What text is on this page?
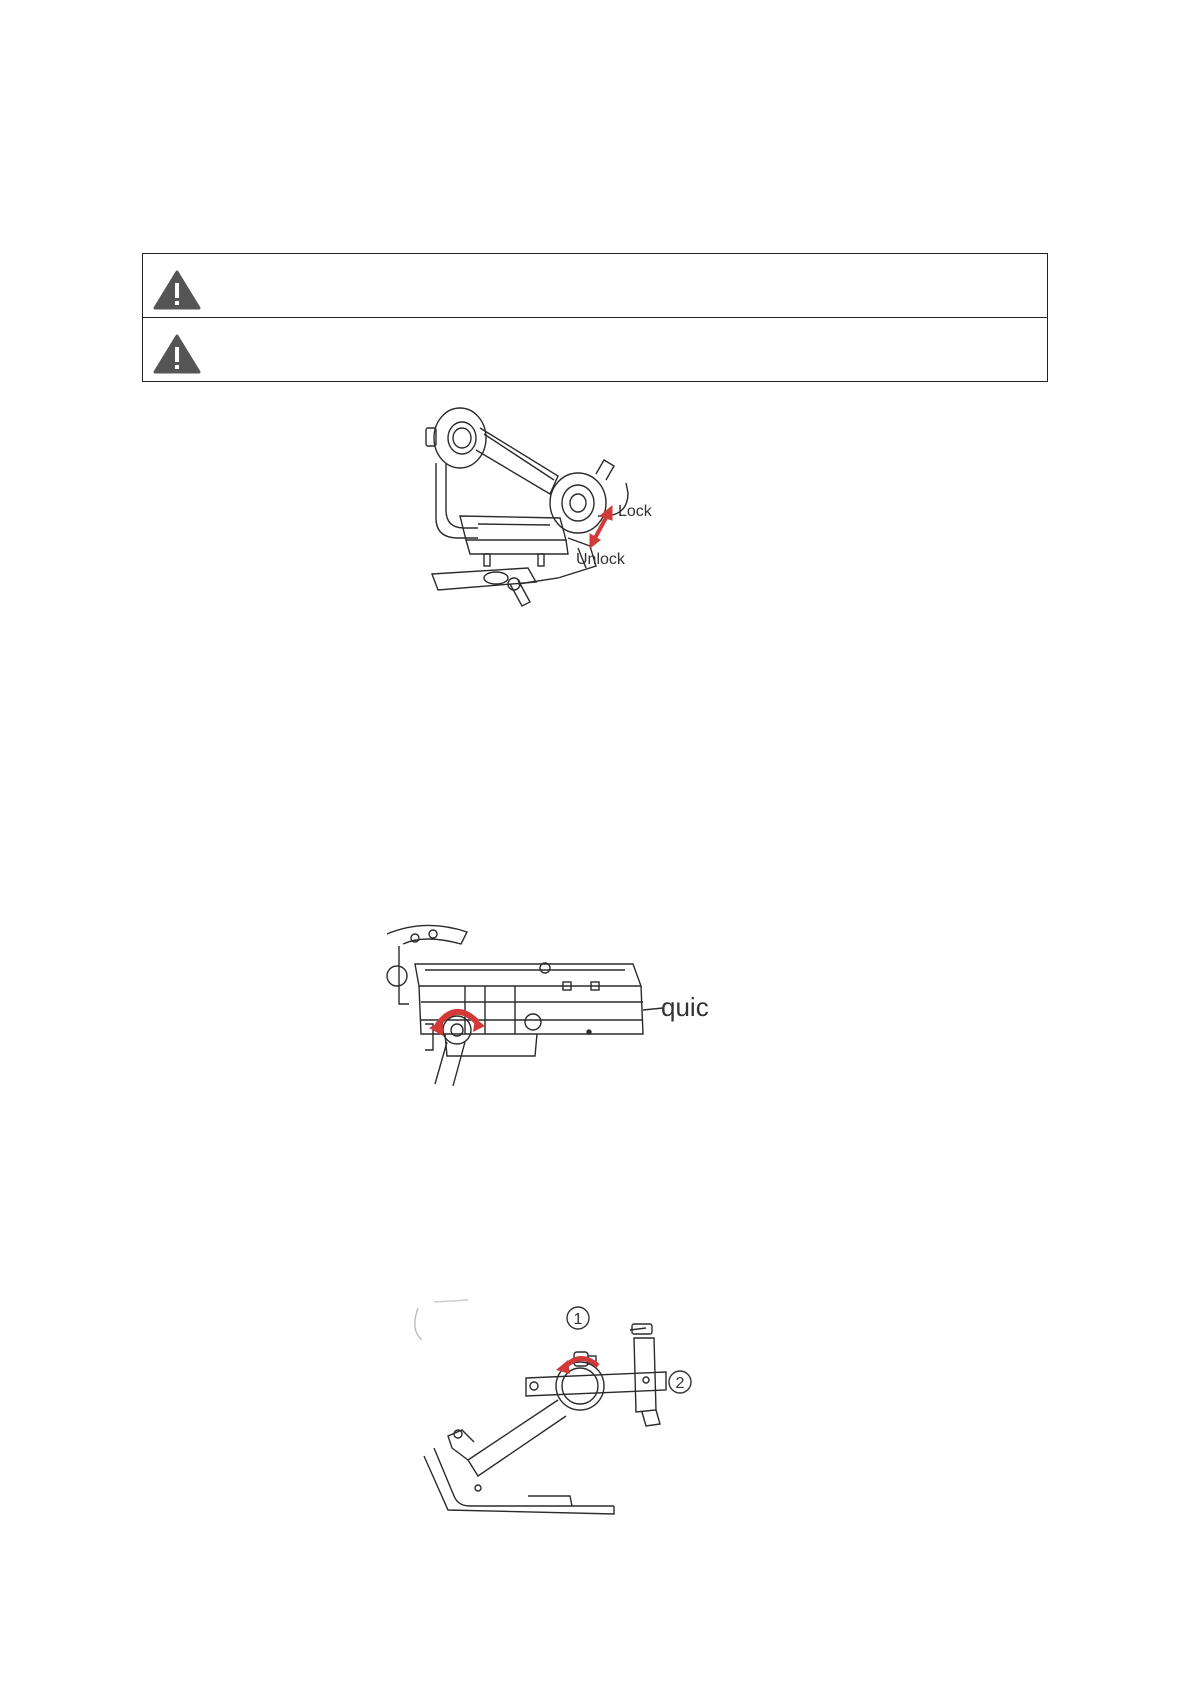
Lock
Unlock
quic
1
2
